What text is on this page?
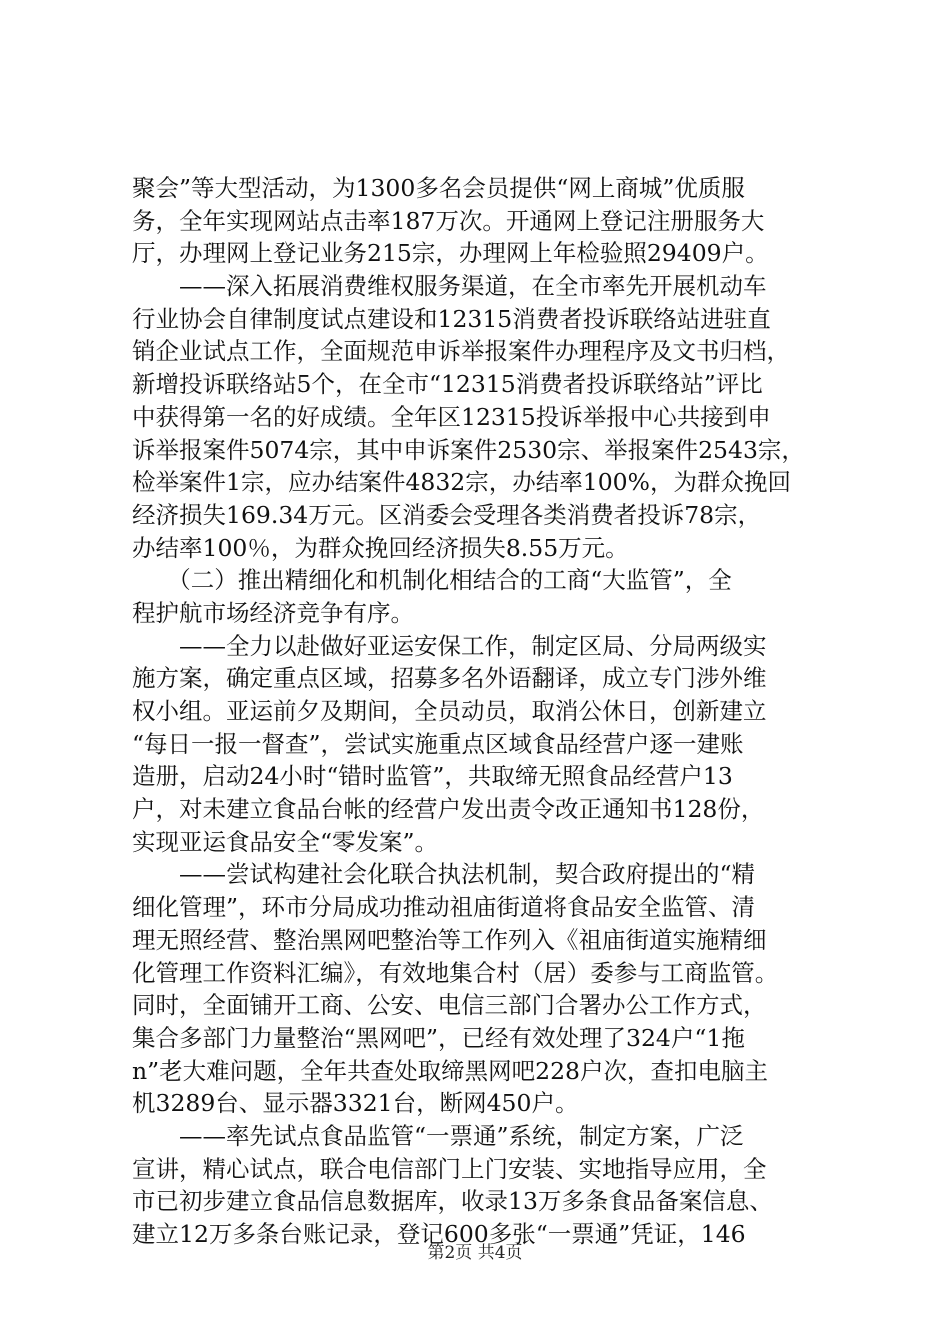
聚会”等大型活动，为1300多名会员提供“网上商城”优质服
务，全年实现网站点击率187万次。开通网上登记注册服务大
厅，办理网上登记业务215宗，办理网上年检验照29409户。
　　——深入拓展消费维权服务渠道，在全市率先开展机动车
行业协会自律制度试点建设和12315消费者投诉联络站进驻直
销企业试点工作，全面规范申诉举报案件办理程序及文书归档，
新增投诉联络站5个，在全市“12315消费者投诉联络站”评比
中获得第一名的好成绩。全年区12315投诉举报中心共接到申
诉举报案件5074宗，其中申诉案件2530宗、举报案件2543宗，
检举案件1宗，应办结案件4832宗，办结率100%，为群众挽回
经济损失169.34万元。区消委会受理各类消费者投诉78宗，
办结率100％，为群众挽回经济损失8.55万元。
　　（二）推出精细化和机制化相结合的工商“大监管”，全
程护航市场经济竞争有序。
　　——全力以赴做好亚运安保工作，制定区局、分局两级实
施方案，确定重点区域，招募多名外语翻译，成立专门涉外维
权小组。亚运前夕及期间，全员动员，取消公休日，创新建立
“每日一报一督查”，尝试实施重点区域食品经营户逐一建账
造册，启动24小时“错时监管”，共取缔无照食品经营户13
户，对未建立食品台帐的经营户发出责令改正通知书128份，
实现亚运食品安全“零发案”。
　　——尝试构建社会化联合执法机制，契合政府提出的“精
细化管理”，环市分局成功推动祖庙街道将食品安全监管、清
理无照经营、整治黑网吧整治等工作列入《祖庙街道实施精细
化管理工作资料汇编》，有效地集合村（居）委参与工商监管。
同时，全面铺开工商、公安、电信三部门合署办公工作方式，
集合多部门力量整治“黑网吧”，已经有效处理了324户“1拖
n”老大难问题，全年共查处取缔黑网吧228户次，查扣电脑主
机3289台、显示器3321台，断网450户。
　　——率先试点食品监管“一票通”系统，制定方案，广泛
宣讲，精心试点，联合电信部门上门安装、实地指导应用，全
市已初步建立食品信息数据库，收录13万多条食品备案信息、
建立12万多条台账记录，登记600多张“一票通”凭证，146
第2页 共4页
